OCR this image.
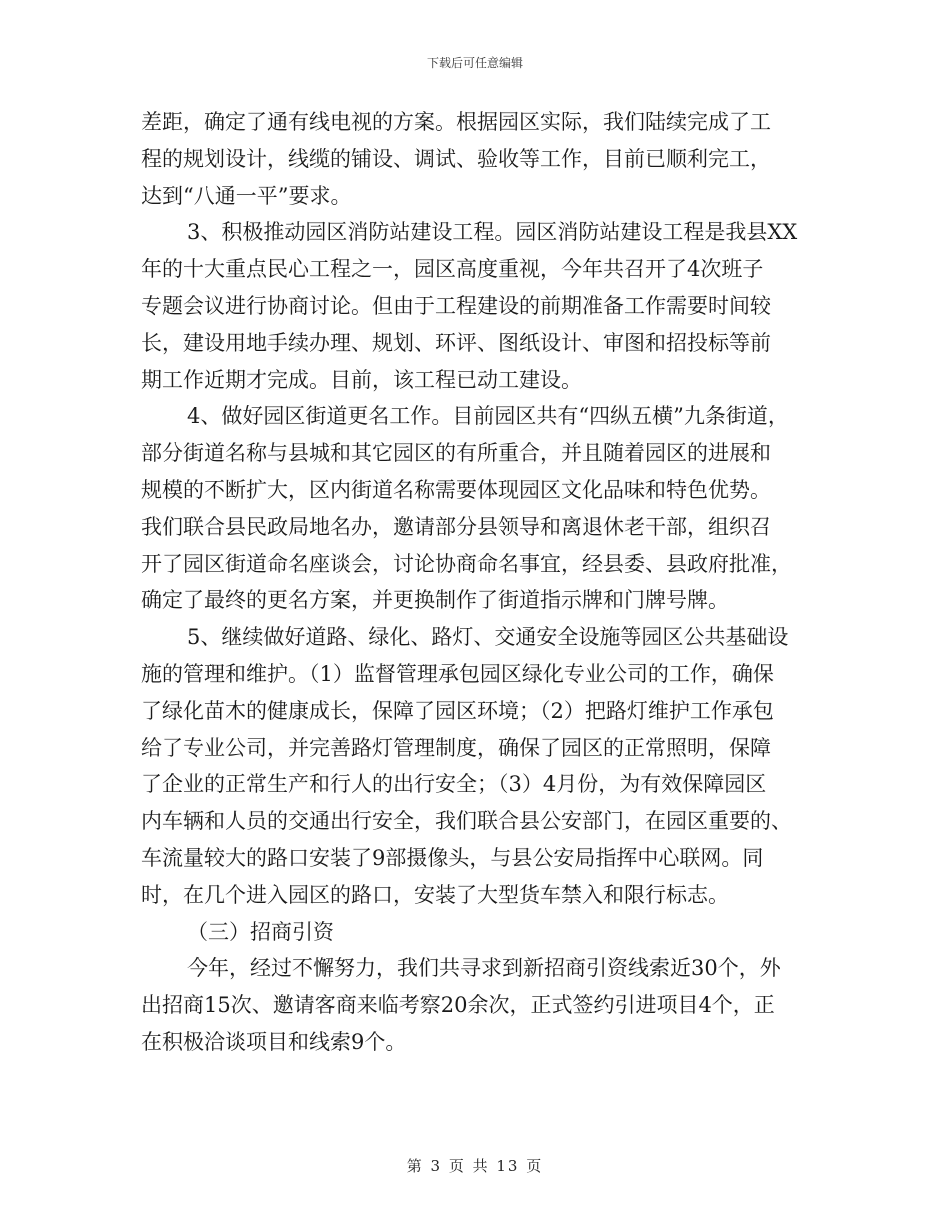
下载后可任意编辑
差距，确定了通有线电视的方案。根据园区实际，我们陆续完成了工
程的规划设计，线缆的铺设、调试、验收等工作，目前已顺利完工，
达到“八通一平”要求。
3、积极推动园区消防站建设工程。园区消防站建设工程是我县XX
年的十大重点民心工程之一，园区高度重视，今年共召开了4次班子
专题会议进行协商讨论。但由于工程建设的前期准备工作需要时间较
长，建设用地手续办理、规划、环评、图纸设计、审图和招投标等前
期工作近期才完成。目前，该工程已动工建设。
4、做好园区街道更名工作。目前园区共有“四纵五横”九条街道，
部分街道名称与县城和其它园区的有所重合，并且随着园区的进展和
规模的不断扩大，区内街道名称需要体现园区文化品味和特色优势。
我们联合县民政局地名办，邀请部分县领导和离退休老干部，组织召
开了园区街道命名座谈会，讨论协商命名事宜，经县委、县政府批准，
确定了最终的更名方案，并更换制作了街道指示牌和门牌号牌。
5、继续做好道路、绿化、路灯、交通安全设施等园区公共基础设
施的管理和维护。（1）监督管理承包园区绿化专业公司的工作，确保
了绿化苗木的健康成长，保障了园区环境；（2）把路灯维护工作承包
给了专业公司，并完善路灯管理制度，确保了园区的正常照明，保障
了企业的正常生产和行人的出行安全；（3）4月份，为有效保障园区
内车辆和人员的交通出行安全，我们联合县公安部门，在园区重要的、
车流量较大的路口安装了9部摄像头，与县公安局指挥中心联网。同
时，在几个进入园区的路口，安装了大型货车禁入和限行标志。
（三）招商引资
今年，经过不懈努力，我们共寻求到新招商引资线索近30个，外
出招商15次、邀请客商来临考察20余次，正式签约引进项目4个，正
在积极洽谈项目和线索9个。
第 3 页 共 13 页
